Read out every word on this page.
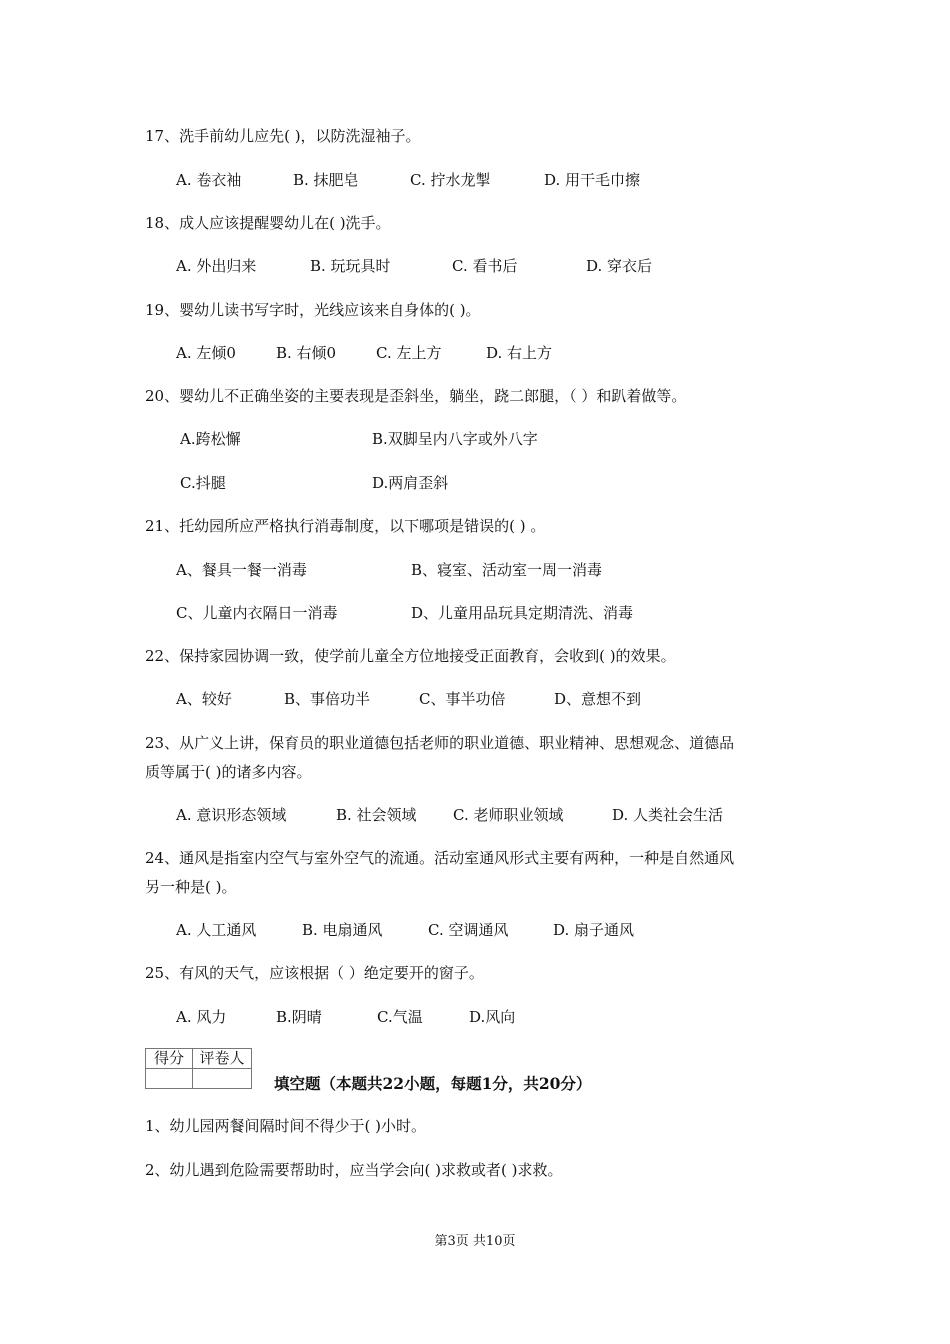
17、洗手前幼儿应先( )，以防洗湿袖子。
A. 卷衣袖	B. 抹肥皂	C. 拧水龙掣	D. 用干毛巾擦
18、成人应该提醒婴幼儿在( )洗手。
A. 外出归来	B. 玩玩具时	C. 看书后	D. 穿衣后
19、婴幼儿读书写字时，光线应该来自身体的( )。
A. 左倾0	B. 右倾0	C. 左上方	D. 右上方
20、婴幼儿不正确坐姿的主要表现是歪斜坐，躺坐，跷二郎腿，（ ）和趴着做等。
A.跨松懈	B.双脚呈内八字或外八字
C.抖腿	D.两肩歪斜
21、托幼园所应严格执行消毒制度，以下哪项是错误的( ) 。
A、餐具一餐一消毒	B、寝室、活动室一周一消毒
C、儿童内衣隔日一消毒	D、儿童用品玩具定期清洗、消毒
22、保持家园协调一致，使学前儿童全方位地接受正面教育，会收到( )的效果。
A、较好	B、事倍功半	C、事半功倍	D、意想不到
23、从广义上讲，保育员的职业道德包括老师的职业道德、职业精神、思想观念、道德品
质等属于( )的诸多内容。
A. 意识形态领域	B. 社会领域 C. 老师职业领域	D. 人类社会生活
24、通风是指室内空气与室外空气的流通。活动室通风形式主要有两种，一种是自然通风
另一种是( )。
A. 人工通风	B. 电扇通风	C. 空调通风	D. 扇子通风
25、有风的天气，应该根据（ ）绝定要开的窗子。
A. 风力	B.阴晴	C.气温	D.风向
得分	评卷人

填空题（本题共22小题，每题1分，共20分）
1、幼儿园两餐间隔时间不得少于( )小时。
2、幼儿遇到危险需要帮助时，应当学会向( )求救或者( )求救。
第3页 共10页
